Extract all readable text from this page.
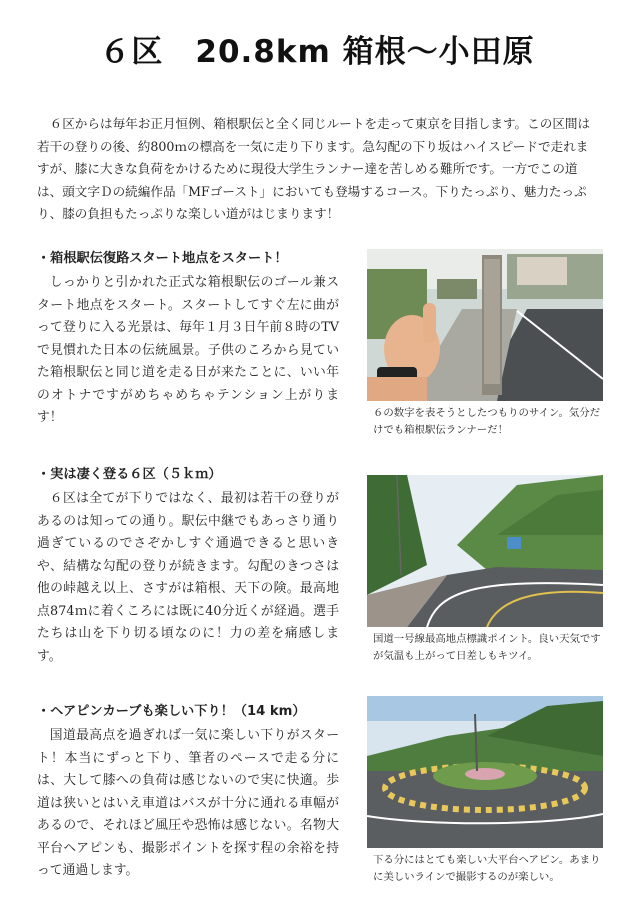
６区　20.8km 箱根〜小田原

６区からは毎年お正月恒例、箱根駅伝と全く同じルートを走って東京を目指します。この区間は若干の登りの後、約800ｍの標高を一気に走り下ります。急勾配の下り坂はハイスピードで走れますが、膝に大きな負荷をかけるために現役大学生ランナー達を苦しめる難所です。一方でこの道は、頭文字Ｄの続編作品「MFゴースト」においても登場するコース。下りたっぷり、魅力たっぷり、膝の負担もたっぷりな楽しい道がはじまります！

・箱根駅伝復路スタート地点をスタート！

しっかりと引かれた正式な箱根駅伝のゴール兼スタート地点をスタート。スタートしてすぐ左に曲がって登りに入る光景は、毎年１月３日午前８時のTVで見慣れた日本の伝統風景。子供のころから見ていた箱根駅伝と同じ道を走る日が来たことに、いい年のオトナですがめちゃめちゃテンション上がります！	６の数字を表そうとしたつもりのサイン。気分だけでも箱根駅伝ランナーだ！

・実は凄く登る６区（５ｋｍ）

６区は全てが下りではなく、最初は若干の登りがあるのは知っての通り。駅伝中継でもあっさり通り過ぎているのでさぞかしすぐ通過できると思いきや、結構な勾配の登りが続きます。勾配のきつさは他の峠越え以上、さすがは箱根、天下の険。最高地点874ｍに着くころには既に40分近くが経過。選手たちは山を下り切る頃なのに！力の差を痛感します。

国道一号線最高地点標識ポイント。良い天気ですが気温も上がって日差しもキツイ。

・ヘアピンカーブも楽しい下り！（14 km）

国道最高点を過ぎれば一気に楽しい下りがスタート！本当にずっと下り、筆者のペースで走る分には、大して膝への負荷は感じないので実に快適。歩道は狭いとはいえ車道はバスが十分に通れる車幅があるので、それほど風圧や恐怖は感じない。名物大平台ヘアピンも、撮影ポイントを探す程の余裕を持って通過します。

下る分にはとても楽しい大平台ヘアピン。あまりに美しいラインで撮影するのが楽しい。
